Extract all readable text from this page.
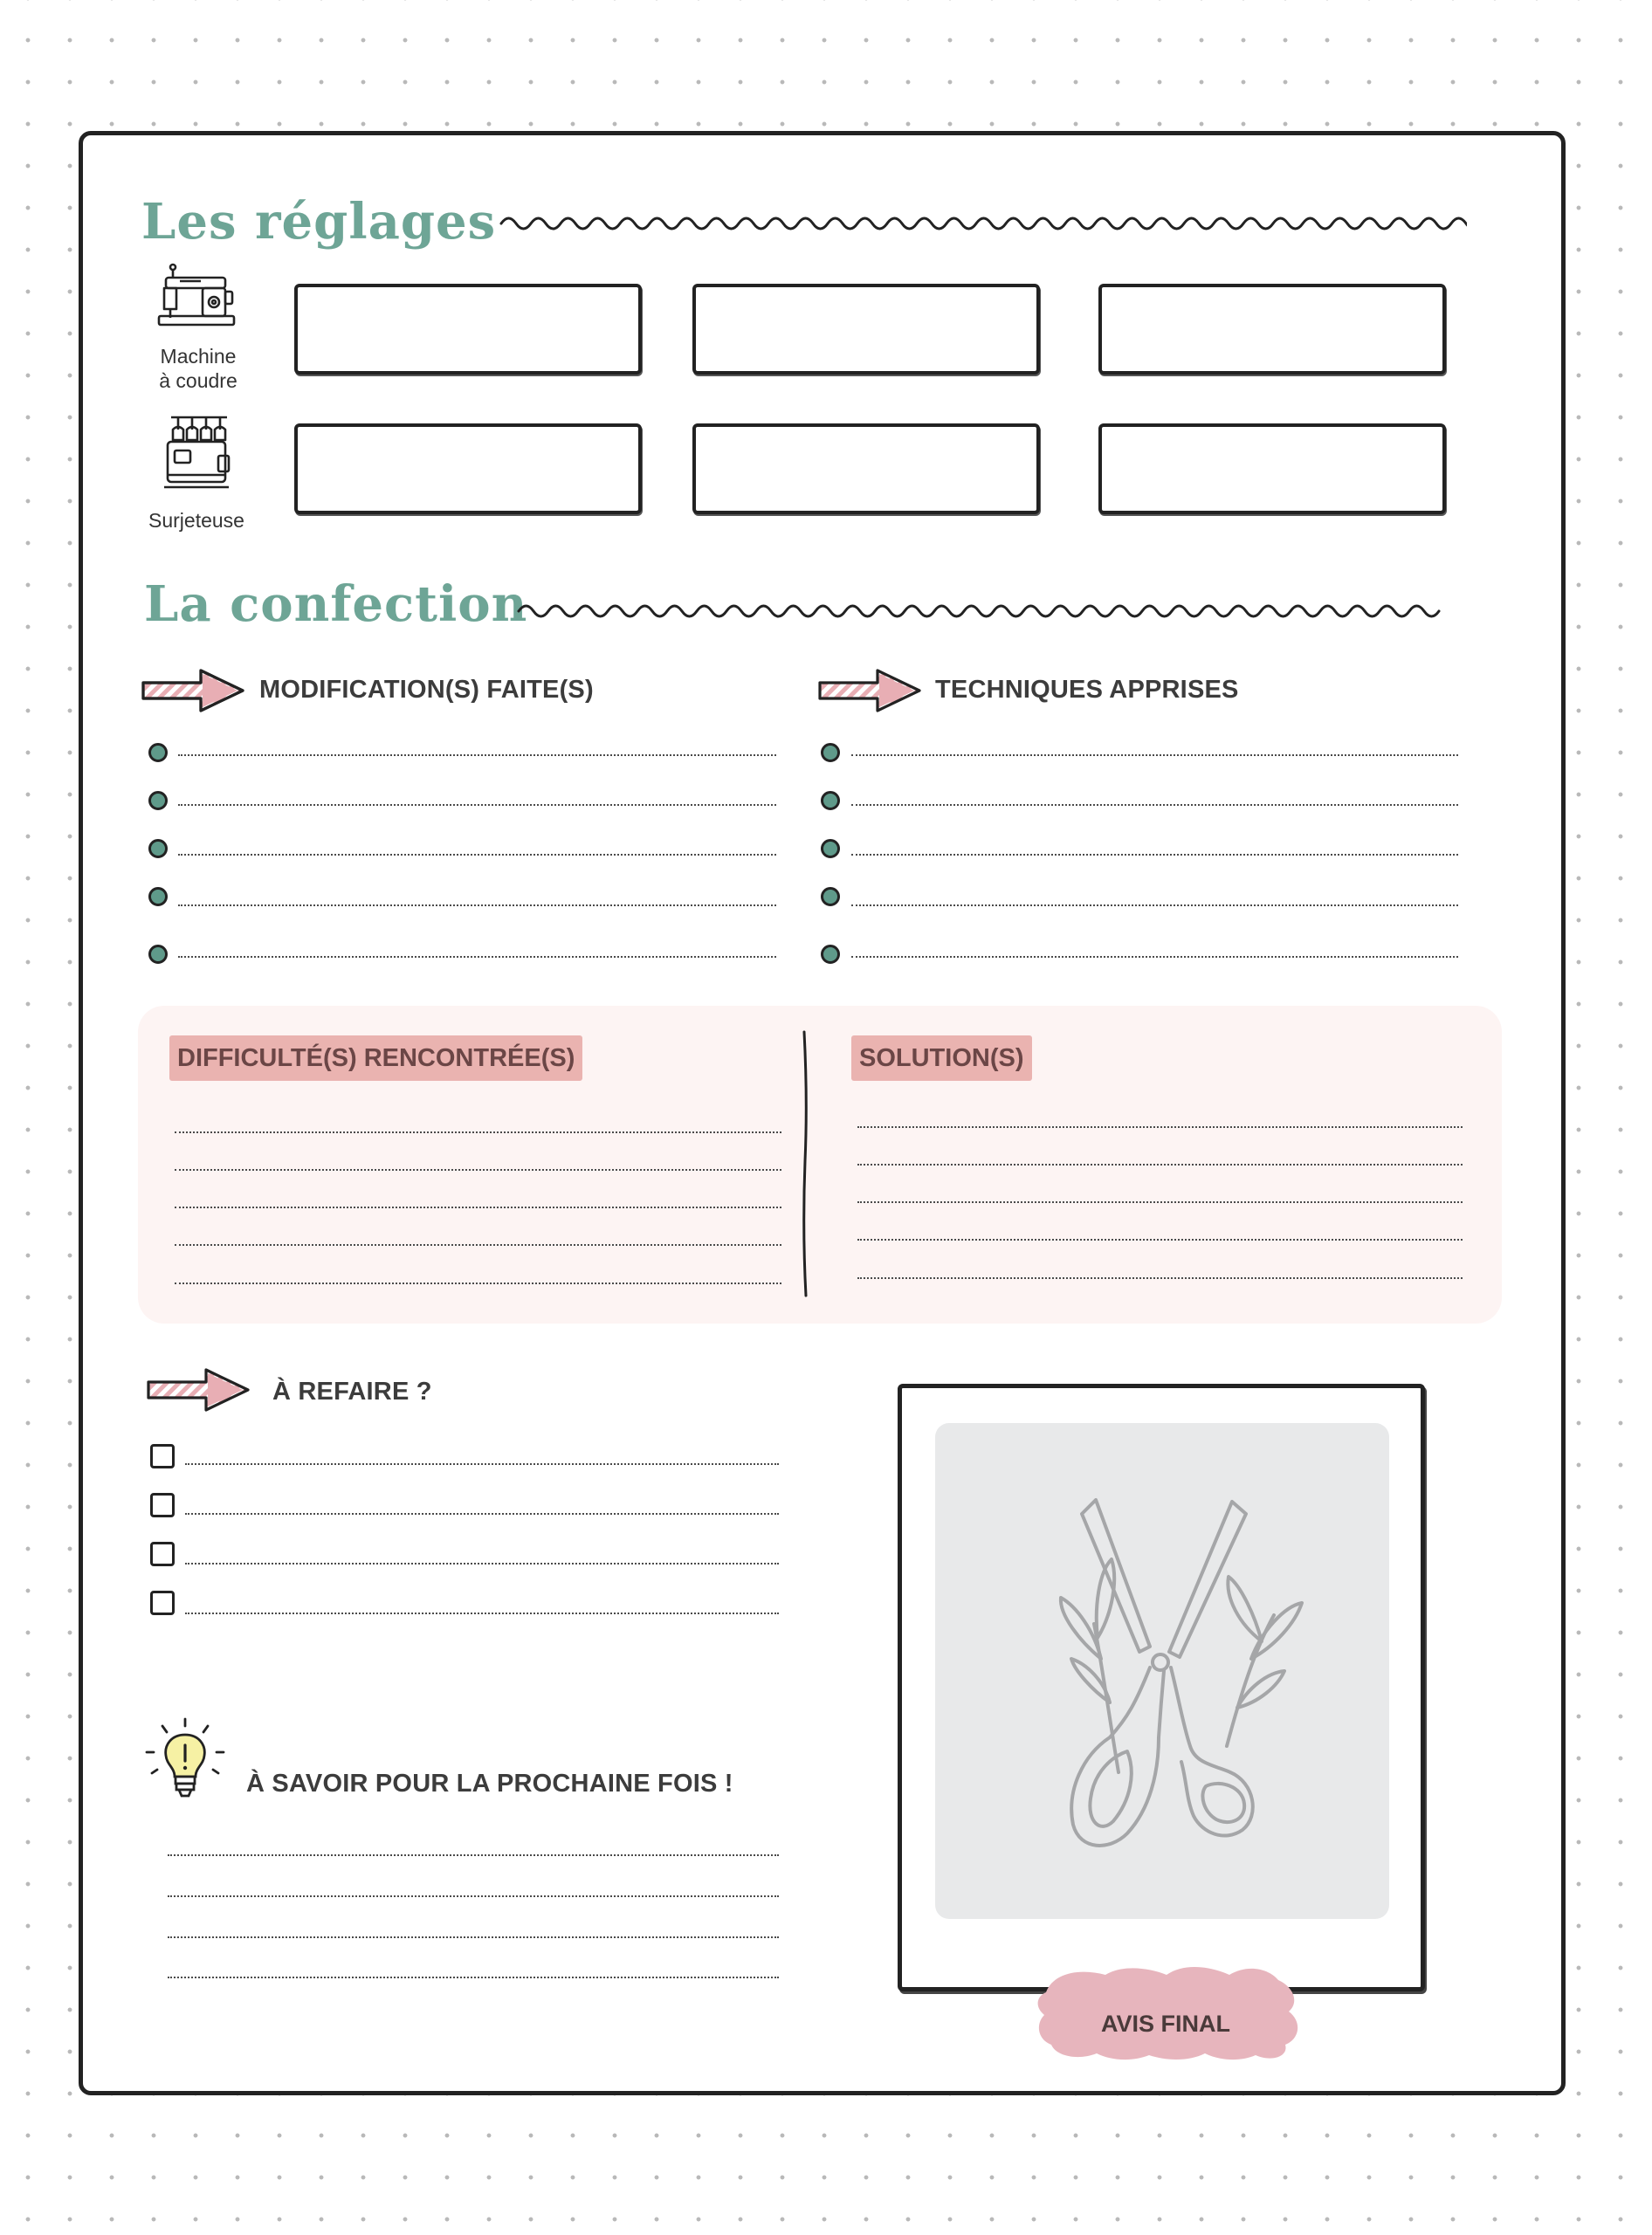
Les réglages
Machine
à coudre
Surjeteuse
La confection
MODIFICATION(S) FAITE(S)	TECHNIQUES APPRISES
DIFFICULTÉ(S) RENCONTRÉE(S)	SOLUTION(S)
À REFAIRE ?
À SAVOIR POUR LA PROCHAINE FOIS !
AVIS FINAL
